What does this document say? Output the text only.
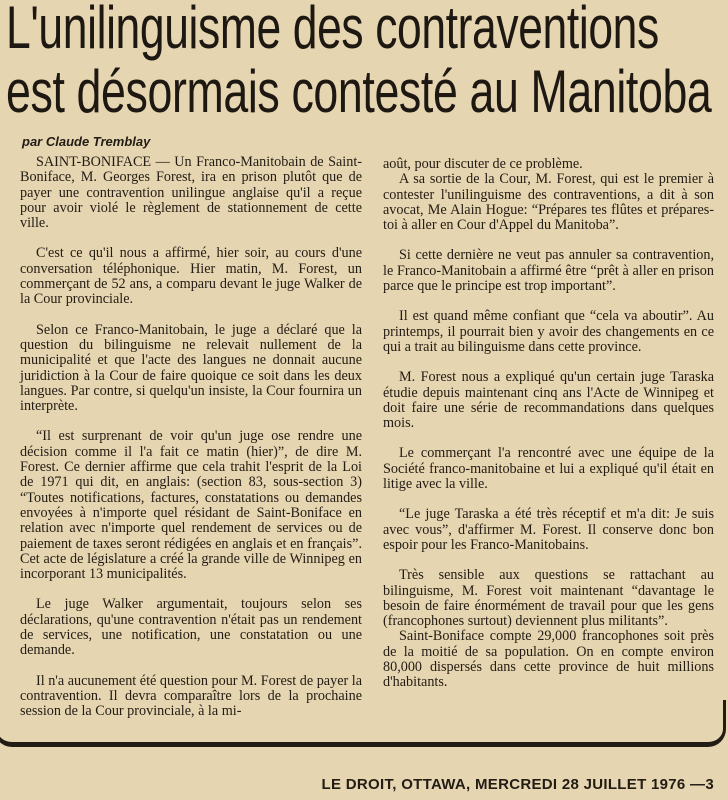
L'unilinguisme des contraventions
est désormais contesté au Manitoba
par Claude Tremblay

SAINT-BONIFACE — Un Franco-Manitobain de Saint-Boniface, M. Georges Forest, ira en prison plutôt que de payer une contravention unilingue anglaise qu'il a reçue pour avoir violé le règlement de stationnement de cette ville.

C'est ce qu'il nous a affirmé, hier soir, au cours d'une conversation téléphonique. Hier matin, M. Forest, un commerçant de 52 ans, a comparu devant le juge Walker de la Cour provinciale.

Selon ce Franco-Manitobain, le juge a déclaré que la question du bilinguisme ne relevait nullement de la municipalité et que l'acte des langues ne donnait aucune juridiction à la Cour de faire quoique ce soit dans les deux langues. Par contre, si quelqu'un insiste, la Cour fournira un interprète.

“Il est surprenant de voir qu'un juge ose rendre une décision comme il l'a fait ce matin (hier)”, de dire M. Forest. Ce dernier affirme que cela trahit l'esprit de la Loi de 1971 qui dit, en anglais: (section 83, sous-section 3) “Toutes notifications, factures, constatations ou demandes envoyées à n'importe quel résidant de Saint-Boniface en relation avec n'importe quel rendement de services ou de paiement de taxes seront rédigées en anglais et en français”. Cet acte de législature a créé la grande ville de Winnipeg en incorporant 13 municipalités.

Le juge Walker argumentait, toujours selon ses déclarations, qu'une contravention n'était pas un rendement de services, une notification, une constatation ou une demande.

Il n'a aucunement été question pour M. Forest de payer la contravention. Il devra comparaître lors de la prochaine session de la Cour provinciale, à la mi-

août, pour discuter de ce problème.

A sa sortie de la Cour, M. Forest, qui est le premier à contester l'unilinguisme des contraventions, a dit à son avocat, Me Alain Hogue: “Prépares tes flûtes et prépares-toi à aller en Cour d'Appel du Manitoba”.

Si cette dernière ne veut pas annuler sa contravention, le Franco-Manitobain a affirmé être “prêt à aller en prison parce que le principe est trop important”.

Il est quand même confiant que “cela va aboutir”. Au printemps, il pourrait bien y avoir des changements en ce qui a trait au bilinguisme dans cette province.

M. Forest nous a expliqué qu'un certain juge Taraska étudie depuis maintenant cinq ans l'Acte de Winnipeg et doit faire une série de recommandations dans quelques mois.

Le commerçant l'a rencontré avec une équipe de la Société franco-manitobaine et lui a expliqué qu'il était en litige avec la ville.

“Le juge Taraska a été très réceptif et m'a dit: Je suis avec vous”, d'affirmer M. Forest. Il conserve donc bon espoir pour les Franco-Manitobains.

Très sensible aux questions se rattachant au bilinguisme, M. Forest voit maintenant “davantage le besoin de faire énormément de travail pour que les gens (francophones surtout) deviennent plus militants”.

Saint-Boniface compte 29,000 francophones soit près de la moitié de sa population. On en compte environ 80,000 dispersés dans cette province de huit millions d'habitants.

LE DROIT, OTTAWA, MERCREDI 28 JUILLET 1976 —3
